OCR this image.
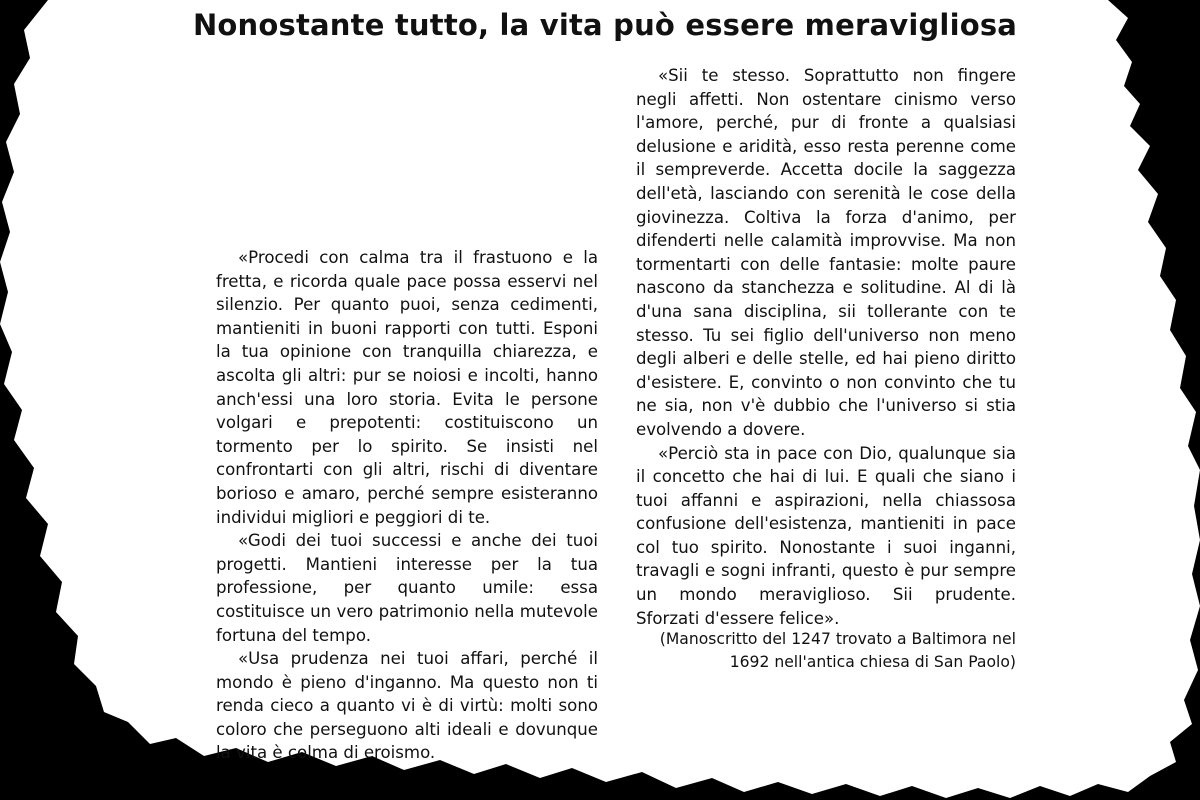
Nonostante tutto, la vita può essere meravigliosa

«Procedi con calma tra il frastuono e la fretta, e ricorda quale pace possa esservi nel silenzio. Per quanto puoi, senza cedimenti, mantieniti in buoni rapporti con tutti. Esponi la tua opinione con tranquilla chiarezza, e ascolta gli altri: pur se noiosi e incolti, hanno anch'essi una loro storia. Evita le persone volgari e prepotenti: costituiscono un tormento per lo spirito. Se insisti nel confrontarti con gli altri, rischi di diventare borioso e amaro, perché sempre esisteranno individui migliori e peggiori di te.

«Godi dei tuoi successi e anche dei tuoi progetti. Mantieni interesse per la tua professione, per quanto umile: essa costituisce un vero patrimonio nella mutevole fortuna del tempo.

«Usa prudenza nei tuoi affari, perché il mondo è pieno d'inganno. Ma questo non ti renda cieco a quanto vi è di virtù: molti sono coloro che perseguono alti ideali e dovunque la vita è colma di eroismo.

«Sii te stesso. Soprattutto non fingere negli affetti. Non ostentare cinismo verso l'amore, perché, pur di fronte a qualsiasi delusione e aridità, esso resta perenne come il sempreverde. Accetta docile la saggezza dell'età, lasciando con serenità le cose della giovinezza. Coltiva la forza d'animo, per difenderti nelle calamità improvvise. Ma non tormentarti con delle fantasie: molte paure nascono da stanchezza e solitudine. Al di là d'una sana disciplina, sii tollerante con te stesso. Tu sei figlio dell'universo non meno degli alberi e delle stelle, ed hai pieno diritto d'esistere. E, convinto o non convinto che tu ne sia, non v'è dubbio che l'universo si stia evolvendo a dovere.

«Perciò sta in pace con Dio, qualunque sia il concetto che hai di lui. E quali che siano i tuoi affanni e aspirazioni, nella chiassosa confusione dell'esistenza, mantieniti in pace col tuo spirito. Nonostante i suoi inganni, travagli e sogni infranti, questo è pur sempre un mondo meraviglioso. Sii prudente. Sforzati d'essere felice».

(Manoscritto del 1247 trovato a Baltimora nel 1692 nell'antica chiesa di San Paolo)
